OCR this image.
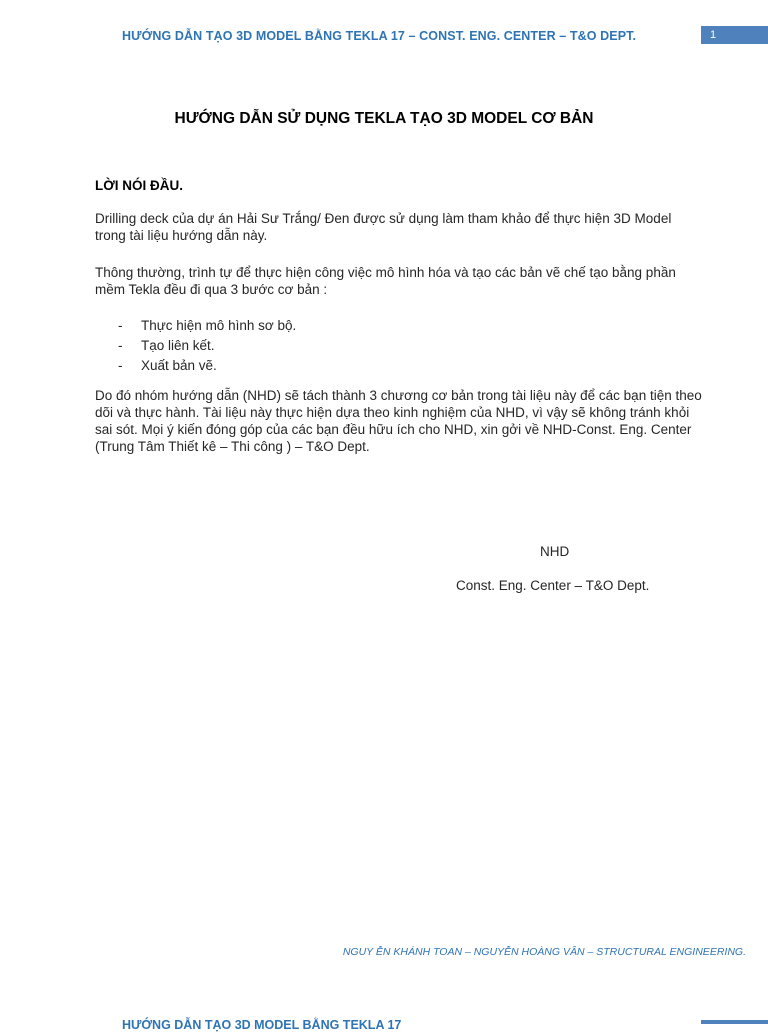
HƯỚNG DẪN TẠO 3D MODEL BẰNG TEKLA 17 – CONST. ENG. CENTER – T&O DEPT.	1
HƯỚNG DẪN SỬ DỤNG TEKLA TẠO 3D MODEL CƠ BẢN
LỜI NÓI ĐẦU.
Drilling deck của dự án Hải Sư Trắng/ Đen được sử dụng làm tham khảo để thực hiện 3D Model trong tài liệu hướng dẫn này.
Thông thường, trình tự để thực hiện công việc mô hình hóa và tạo các bản vẽ chế tạo bằng phần mềm Tekla đều đi qua 3 bước cơ bản :
- Thực hiện mô hình sơ bộ.
- Tạo liên kết.
- Xuất bản vẽ.
Do đó nhóm hướng dẫn (NHD) sẽ tách thành 3 chương cơ bản trong tài liệu này để các bạn tiện theo dõi và thực hành. Tài liệu này thực hiện dựa theo kinh nghiệm của NHD, vì vậy sẽ không tránh khỏi sai sót. Mọi ý kiến đóng góp của các bạn đều hữu ích cho NHD, xin gởi về NHD-Const. Eng. Center (Trung Tâm Thiết kê – Thi công ) – T&O Dept.
NHD
Const. Eng. Center – T&O Dept.
NGUY ỄN KHÁNH TOAN – NGUYỄN HOÀNG VÂN – STRUCTURAL ENGINEERING.
HƯỚNG DẪN TẠO 3D MODEL BẰNG TEKLA 17
